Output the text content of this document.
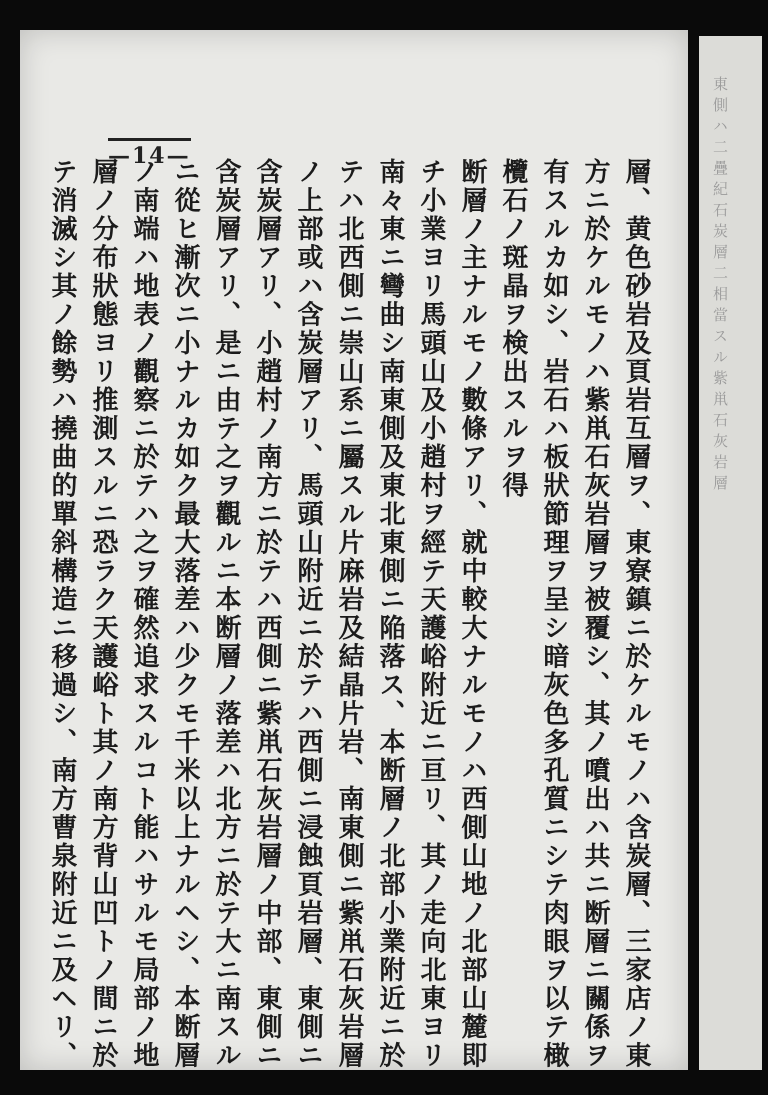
東側ハ二疊紀石炭層二相當スル紫鼡石灰岩層
—14—
層、黄色砂岩及頁岩互層ヲ、東寮鎮ニ於ケルモノハ含炭層、三家店ノ東
方ニ於ケルモノハ紫鼡石灰岩層ヲ被覆シ、其ノ噴出ハ共ニ断層ニ關係ヲ
有スルカ如シ、岩石ハ板狀節理ヲ呈シ暗灰色多孔質ニシテ肉眼ヲ以テ橄
欖石ノ斑晶ヲ検出スルヲ得
断層ノ主ナルモノ數條アリ、就中較大ナルモノハ西側山地ノ北部山麓即
チ小業ヨリ馬頭山及小趙村ヲ經テ天護峪附近ニ亘リ、其ノ走向北東ヨリ
南々東ニ彎曲シ南東側及東北東側ニ陥落ス、本断層ノ北部小業附近ニ於
テハ北西側ニ崇山系ニ屬スル片麻岩及結晶片岩、南東側ニ紫鼡石灰岩層
ノ上部或ハ含炭層アリ、馬頭山附近ニ於テハ西側ニ浸蝕頁岩層、東側ニ
含炭層アリ、小趙村ノ南方ニ於テハ西側ニ紫鼡石灰岩層ノ中部、東側ニ
含炭層アリ、是ニ由テ之ヲ觀ルニ本断層ノ落差ハ北方ニ於テ大ニ南スル
ニ從ヒ漸次ニ小ナルカ如ク最大落差ハ少クモ千米以上ナルヘシ、本断層
ノ南端ハ地表ノ觀察ニ於テハ之ヲ確然追求スルコト能ハサルモ局部ノ地
層ノ分布狀態ヨリ推測スルニ恐ラク天護峪ト其ノ南方背山凹トノ間ニ於
テ消滅シ其ノ餘勢ハ撓曲的單斜構造ニ移過シ、南方曹泉附近ニ及ヘリ、
